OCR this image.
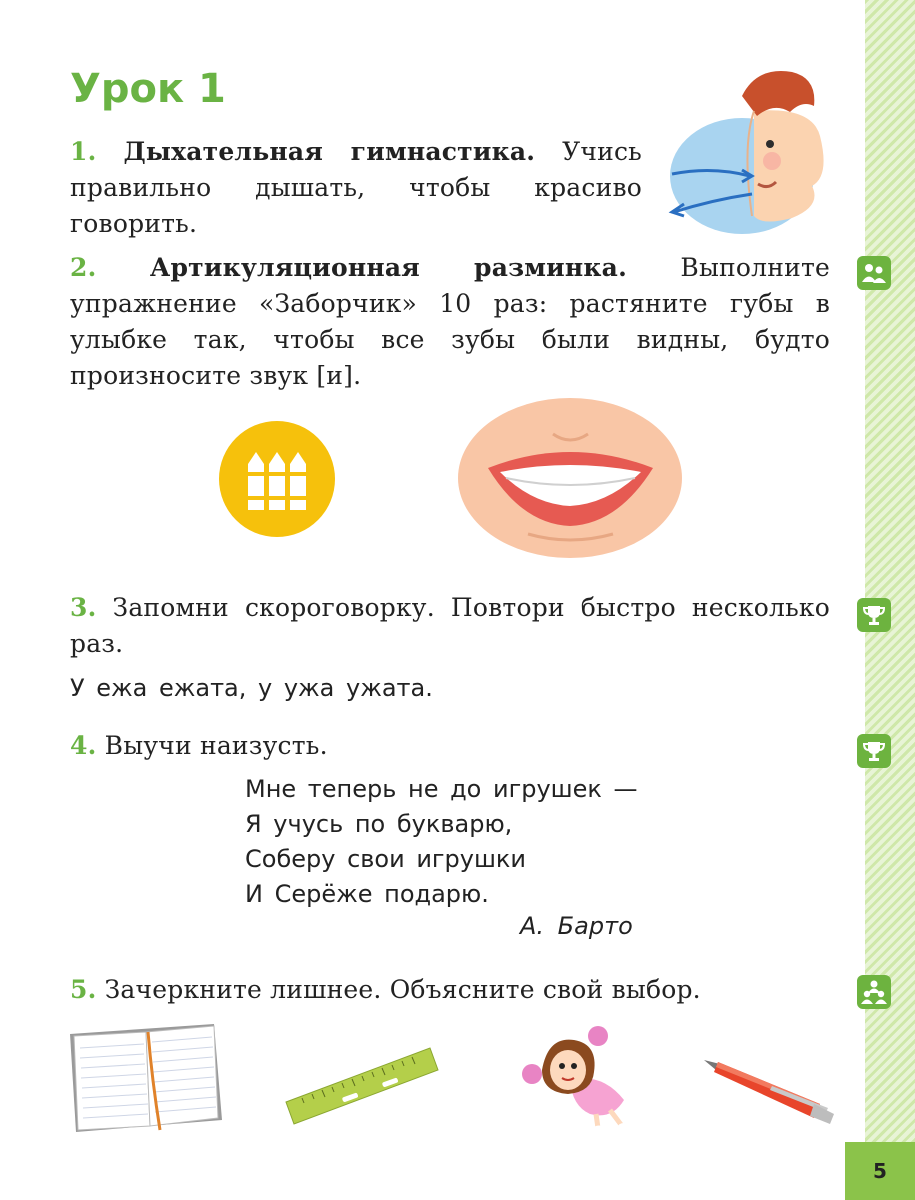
5
Урок 1

1. Дыхательная гимнастика. Учись правильно дышать, чтобы красиво говорить.

2. Артикуляционная разминка. Выполните упражнение «Заборчик» 10 раз: растяните губы в улыбке так, чтобы все зубы были видны, будто произносите звук [и].

3. Запомни скороговорку. Повтори быстро несколько раз.

У ежа ежата, у ужа ужата.

4. Выучи наизусть.

Мне теперь не до игрушек —
Я учусь по букварю,
Соберу свои игрушки
И Серёже подарю.
А. Барто

5. Зачеркните лишнее. Объясните свой выбор.
